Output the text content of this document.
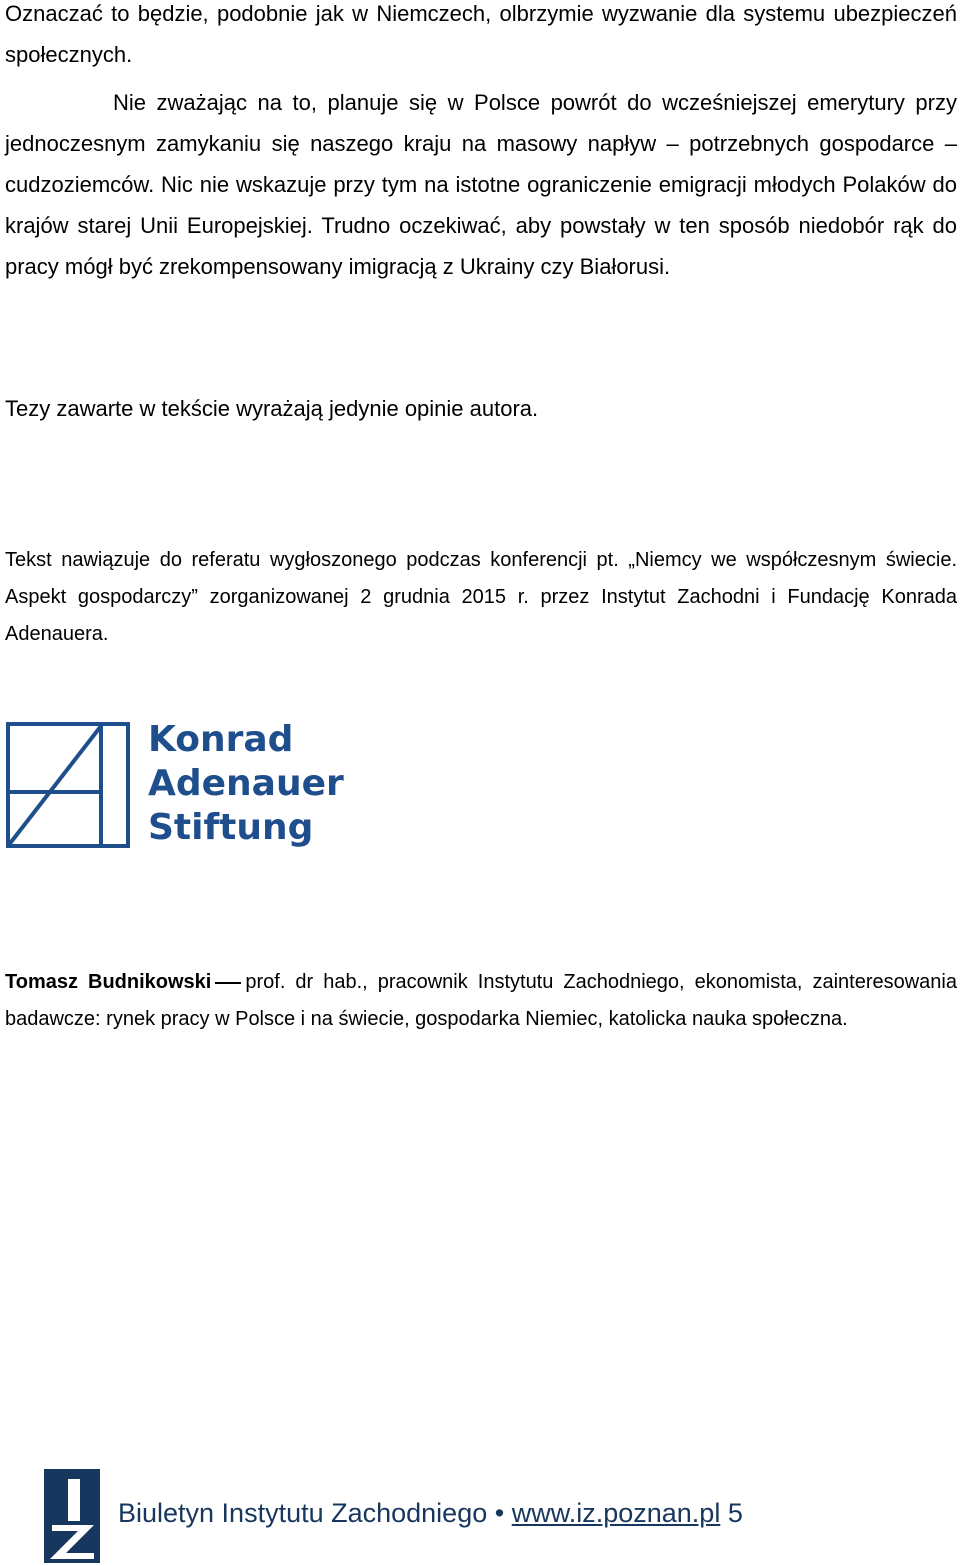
Oznaczać to będzie, podobnie jak w Niemczech, olbrzymie wyzwanie dla systemu ubezpieczeń społecznych.

Nie zważając na to, planuje się w Polsce powrót do wcześniejszej emerytury przy jednoczesnym zamykaniu się naszego kraju na masowy napływ – potrzebnych gospodarce – cudzoziemców. Nic nie wskazuje przy tym na istotne ograniczenie emigracji młodych Polaków do krajów starej Unii Europejskiej. Trudno oczekiwać, aby powstały w ten sposób niedobór rąk do pracy mógł być zrekompensowany imigracją z Ukrainy czy Białorusi.

Tezy zawarte w tekście wyrażają jedynie opinie autora.

Tekst nawiązuje do referatu wygłoszonego podczas konferencji pt. „Niemcy we współczesnym świecie. Aspekt gospodarczy” zorganizowanej 2 grudnia 2015 r. przez Instytut Zachodni i Fundację Konrada Adenauera.

Konrad
Adenauer
Stiftung

Tomasz Budnikowski prof. dr hab., pracownik Instytutu Zachodniego, ekonomista, zainteresowania badawcze: rynek pracy w Polsce i na świecie, gospodarka Niemiec, katolicka nauka społeczna.

Biuletyn Instytutu Zachodniego • www.iz.poznan.pl 5
